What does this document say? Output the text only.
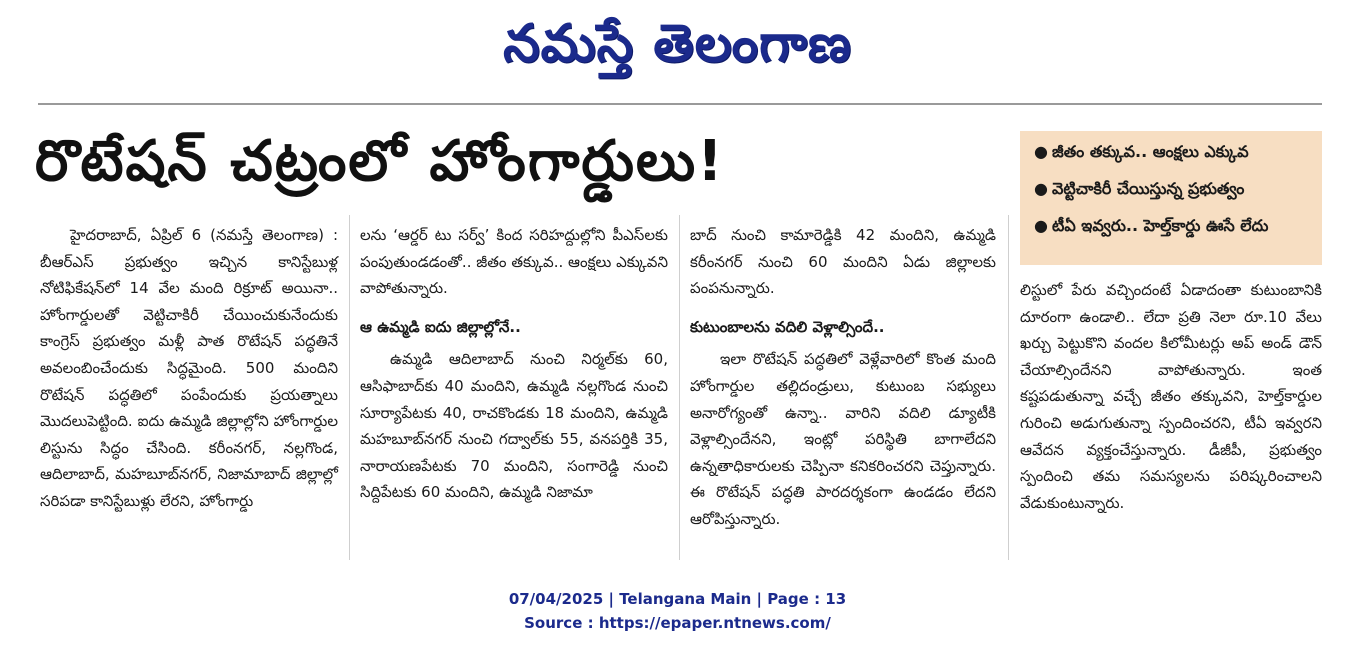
నమస్తే తెలంగాణ
రొటేషన్ చట్రంలో హోంగార్డులు!	● జీతం తక్కువ.. ఆంక్షలు ఎక్కువ
● వెట్టిచాకిరీ చేయిస్తున్న ప్రభుత్వం
● టీఏ ఇవ్వరు.. హెల్త్‌కార్డు ఊసే లేదు

హైదరాబాద్, ఏప్రిల్ 6 (నమస్తే తెలంగాణ) : బీఆర్‌ఎస్ ప్రభుత్వం ఇచ్చిన కానిస్టేబుళ్ల నోటిఫికేషన్‌లో 14 వేల మంది రిక్రూట్ అయినా.. హోంగార్డులతో వెట్టిచాకిరీ చేయించుకునేందుకు కాంగ్రెస్ ప్రభుత్వం మళ్లీ పాత రొటేషన్ పద్ధతినే అవలంబించేందుకు సిద్ధమైంది. 500 మందిని రొటేషన్ పద్ధతిలో పంపేందుకు ప్రయత్నాలు మొదలుపెట్టింది. ఐదు ఉమ్మడి జిల్లాల్లోని హోంగార్డుల లిస్టును సిద్ధం చేసింది. కరీంనగర్, నల్లగొండ, ఆదిలాబాద్, మహబూబ్‌నగర్, నిజామాబాద్ జిల్లాల్లో సరిపడా కానిస్టేబుళ్లు లేరని, హోంగార్డు

లను ‘ఆర్డర్ టు సర్వ్’ కింద సరిహద్దుల్లోని పీఎస్‌లకు పంపుతుండడంతో.. జీతం తక్కువ.. ఆంక్షలు ఎక్కువని వాపోతున్నారు.

ఆ ఉమ్మడి ఐదు జిల్లాల్లోనే..

ఉమ్మడి ఆదిలాబాద్ నుంచి నిర్మల్‌కు 60, ఆసిఫాబాద్‌కు 40 మందిని, ఉమ్మడి నల్లగొండ నుంచి సూర్యాపేటకు 40, రాచకొండకు 18 మందిని, ఉమ్మడి మహబూబ్‌నగర్ నుంచి గద్వాల్‌కు 55, వనపర్తికి 35, నారాయణపేటకు 70 మందిని, సంగారెడ్డి నుంచి సిద్దిపేటకు 60 మందిని, ఉమ్మడి నిజామా

బాద్ నుంచి కామారెడ్డికి 42 మందిని, ఉమ్మడి కరీంనగర్ నుంచి 60 మందిని ఏడు జిల్లాలకు పంపనున్నారు.

కుటుంబాలను వదిలి వెళ్లాల్సిందే..

ఇలా రొటేషన్ పద్ధతిలో వెళ్లేవారిలో కొంత మంది హోంగార్డుల తల్లిదండ్రులు, కుటుంబ సభ్యులు అనారోగ్యంతో ఉన్నా.. వారిని వదిలి డ్యూటీకి వెళ్లాల్సిందేనని, ఇంట్లో పరిస్థితి బాగాలేదని ఉన్నతాధికారులకు చెప్పినా కనికరించరని చెప్తున్నారు. ఈ రొటేషన్ పద్ధతి పారదర్శకంగా ఉండడం లేదని ఆరోపిస్తున్నారు.

లిస్టులో పేరు వచ్చిందంటే ఏడాదంతా కుటుంబానికి దూరంగా ఉండాలి.. లేదా ప్రతి నెలా రూ.10 వేలు ఖర్చు పెట్టుకొని వందల కిలోమీటర్లు అప్ అండ్ డౌన్ చేయాల్సిందేనని వాపోతున్నారు. ఇంత కష్టపడుతున్నా వచ్చే జీతం తక్కువని, హెల్త్‌కార్డుల గురించి అడుగుతున్నా స్పందించరని, టీఏ ఇవ్వరని ఆవేదన వ్యక్తంచేస్తున్నారు. డీజీపీ, ప్రభుత్వం స్పందించి తమ సమస్యలను పరిష్కరించాలని వేడుకుంటున్నారు.

07/04/2025 | Telangana Main | Page : 13
Source : https://epaper.ntnews.com/
